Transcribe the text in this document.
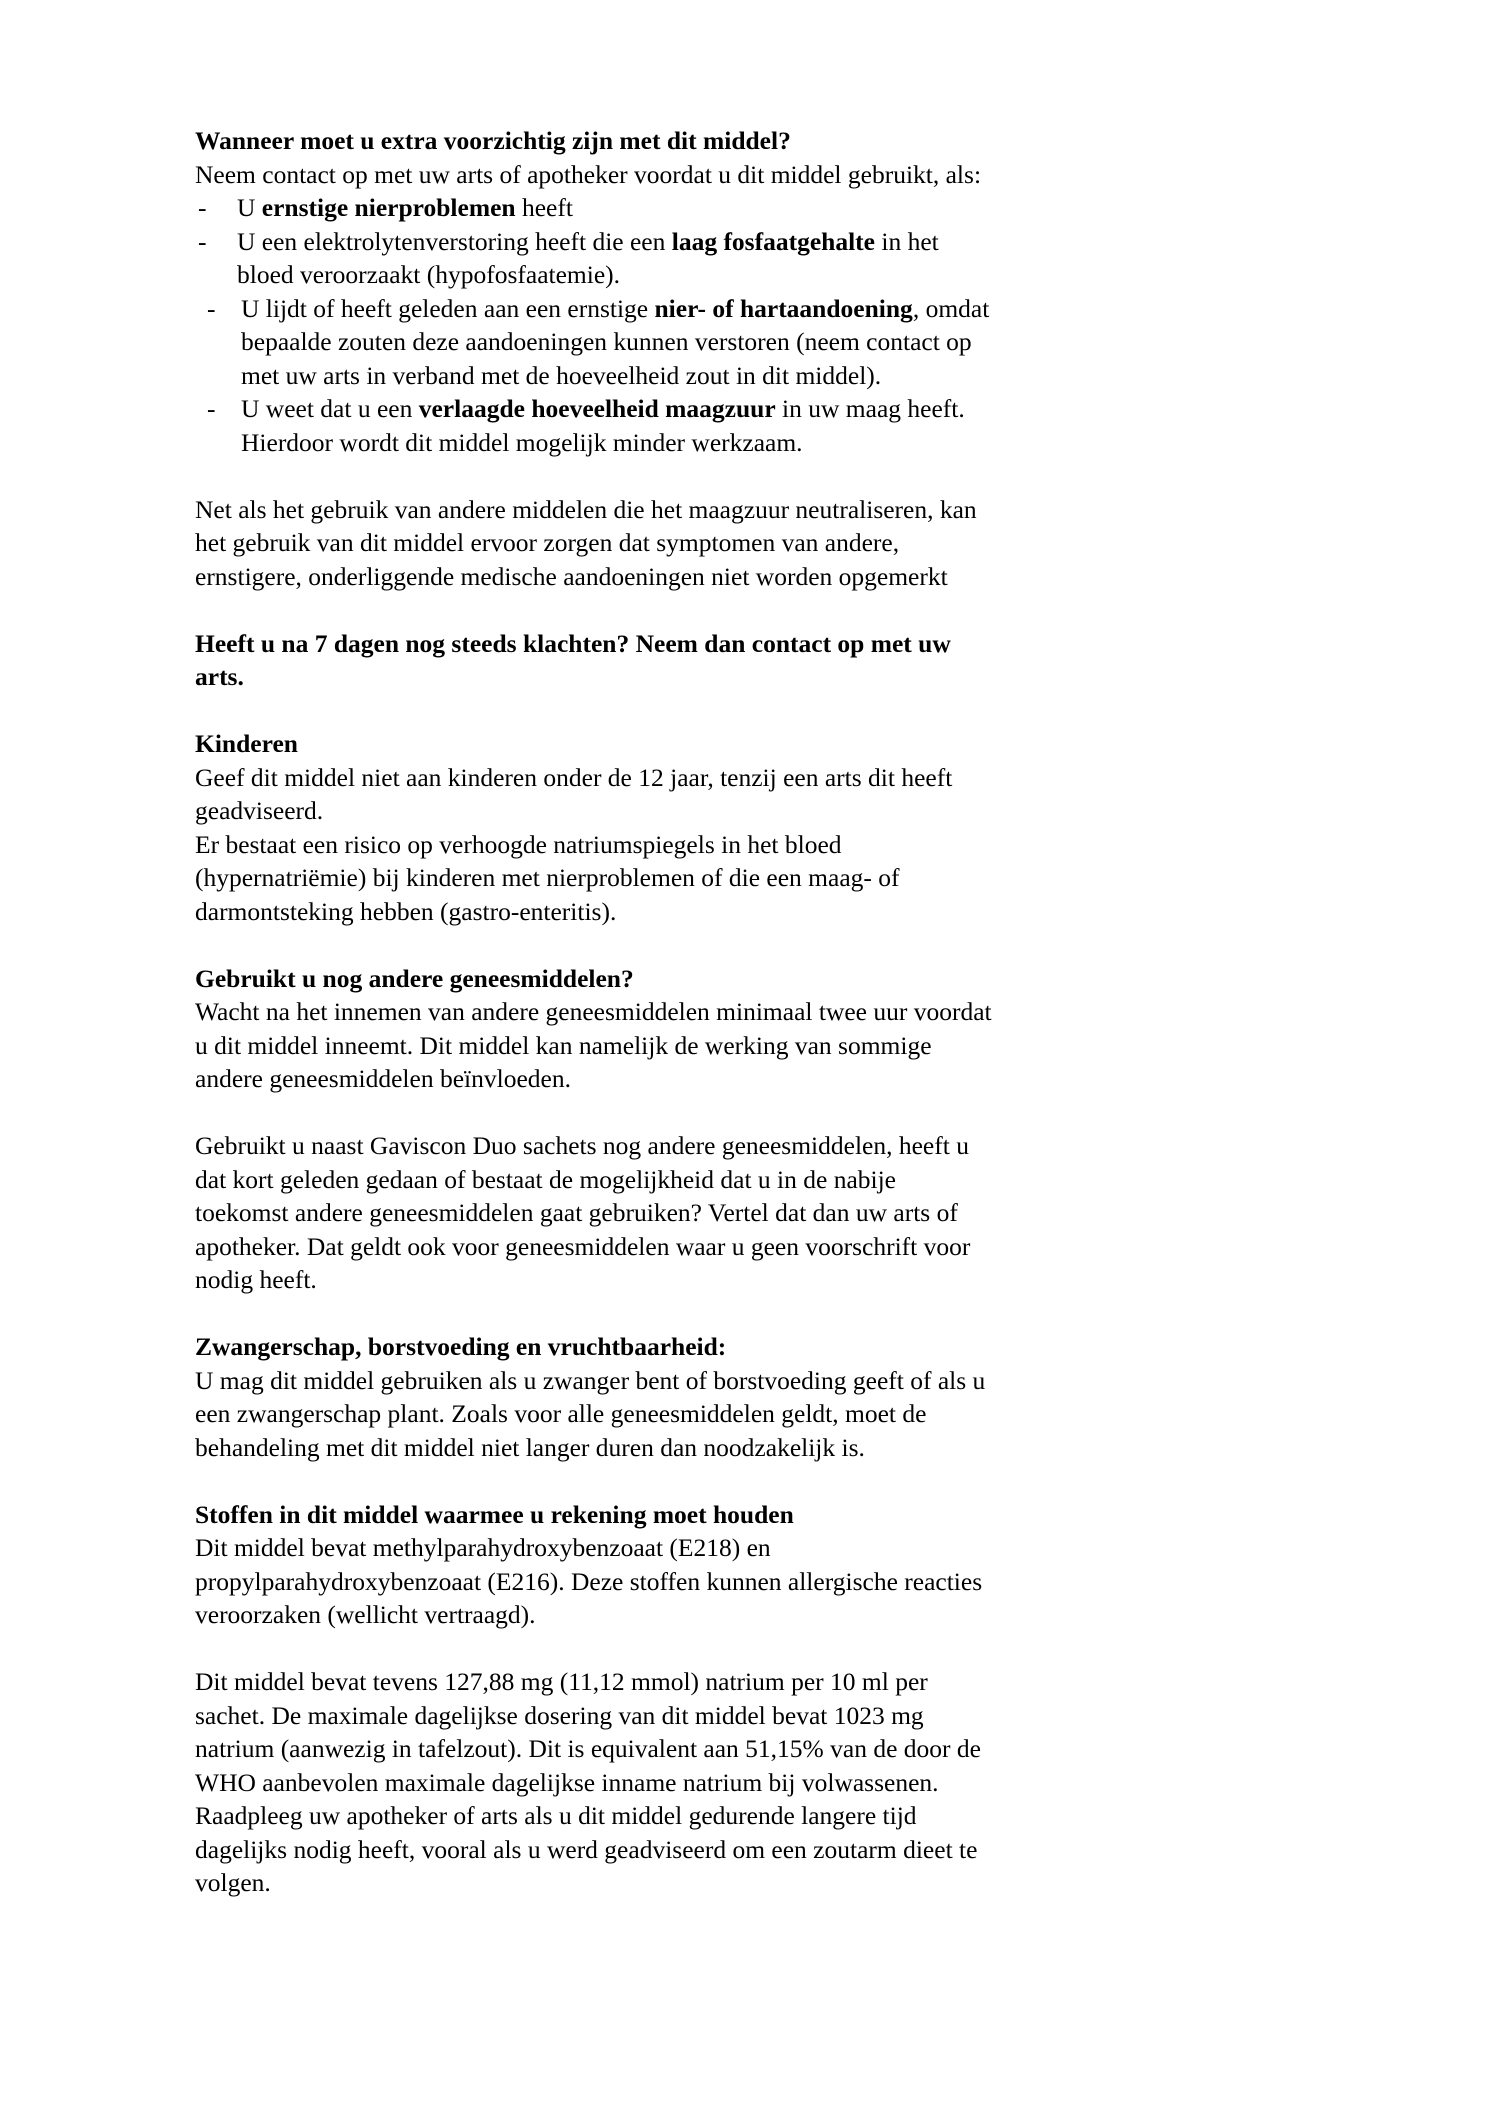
Wanneer moet u extra voorzichtig zijn met dit middel?
Neem contact op met uw arts of apotheker voordat u dit middel gebruikt, als:
- U ernstige nierproblemen heeft
- U een elektrolytenverstoring heeft die een laag fosfaatgehalte in het bloed veroorzaakt (hypofosfaatemie).
- U lijdt of heeft geleden aan een ernstige nier- of hartaandoening, omdat bepaalde zouten deze aandoeningen kunnen verstoren (neem contact op met uw arts in verband met de hoeveelheid zout in dit middel).
- U weet dat u een verlaagde hoeveelheid maagzuur in uw maag heeft. Hierdoor wordt dit middel mogelijk minder werkzaam.
Net als het gebruik van andere middelen die het maagzuur neutraliseren, kan het gebruik van dit middel ervoor zorgen dat symptomen van andere, ernstigere, onderliggende medische aandoeningen niet worden opgemerkt
Heeft u na 7 dagen nog steeds klachten? Neem dan contact op met uw arts.
Kinderen
Geef dit middel niet aan kinderen onder de 12 jaar, tenzij een arts dit heeft geadviseerd.
Er bestaat een risico op verhoogde natriumspiegels in het bloed (hypernatriëmie) bij kinderen met nierproblemen of die een maag- of darmontsteking hebben (gastro-enteritis).
Gebruikt u nog andere geneesmiddelen?
Wacht na het innemen van andere geneesmiddelen minimaal twee uur voordat u dit middel inneemt. Dit middel kan namelijk de werking van sommige andere geneesmiddelen beïnvloeden.
Gebruikt u naast Gaviscon Duo sachets nog andere geneesmiddelen, heeft u dat kort geleden gedaan of bestaat de mogelijkheid dat u in de nabije toekomst andere geneesmiddelen gaat gebruiken? Vertel dat dan uw arts of apotheker. Dat geldt ook voor geneesmiddelen waar u geen voorschrift voor nodig heeft.
Zwangerschap, borstvoeding en vruchtbaarheid:
U mag dit middel gebruiken als u zwanger bent of borstvoeding geeft of als u een zwangerschap plant. Zoals voor alle geneesmiddelen geldt, moet de behandeling met dit middel niet langer duren dan noodzakelijk is.
Stoffen in dit middel waarmee u rekening moet houden
Dit middel bevat methylparahydroxybenzoaat (E218) en propylparahydroxybenzoaat (E216). Deze stoffen kunnen allergische reacties veroorzaken (wellicht vertraagd).
Dit middel bevat tevens 127,88 mg (11,12 mmol) natrium per 10 ml per sachet. De maximale dagelijkse dosering van dit middel bevat 1023 mg natrium (aanwezig in tafelzout). Dit is equivalent aan 51,15% van de door de WHO aanbevolen maximale dagelijkse inname natrium bij volwassenen. Raadpleeg uw apotheker of arts als u dit middel gedurende langere tijd dagelijks nodig heeft, vooral als u werd geadviseerd om een zoutarm dieet te volgen.
